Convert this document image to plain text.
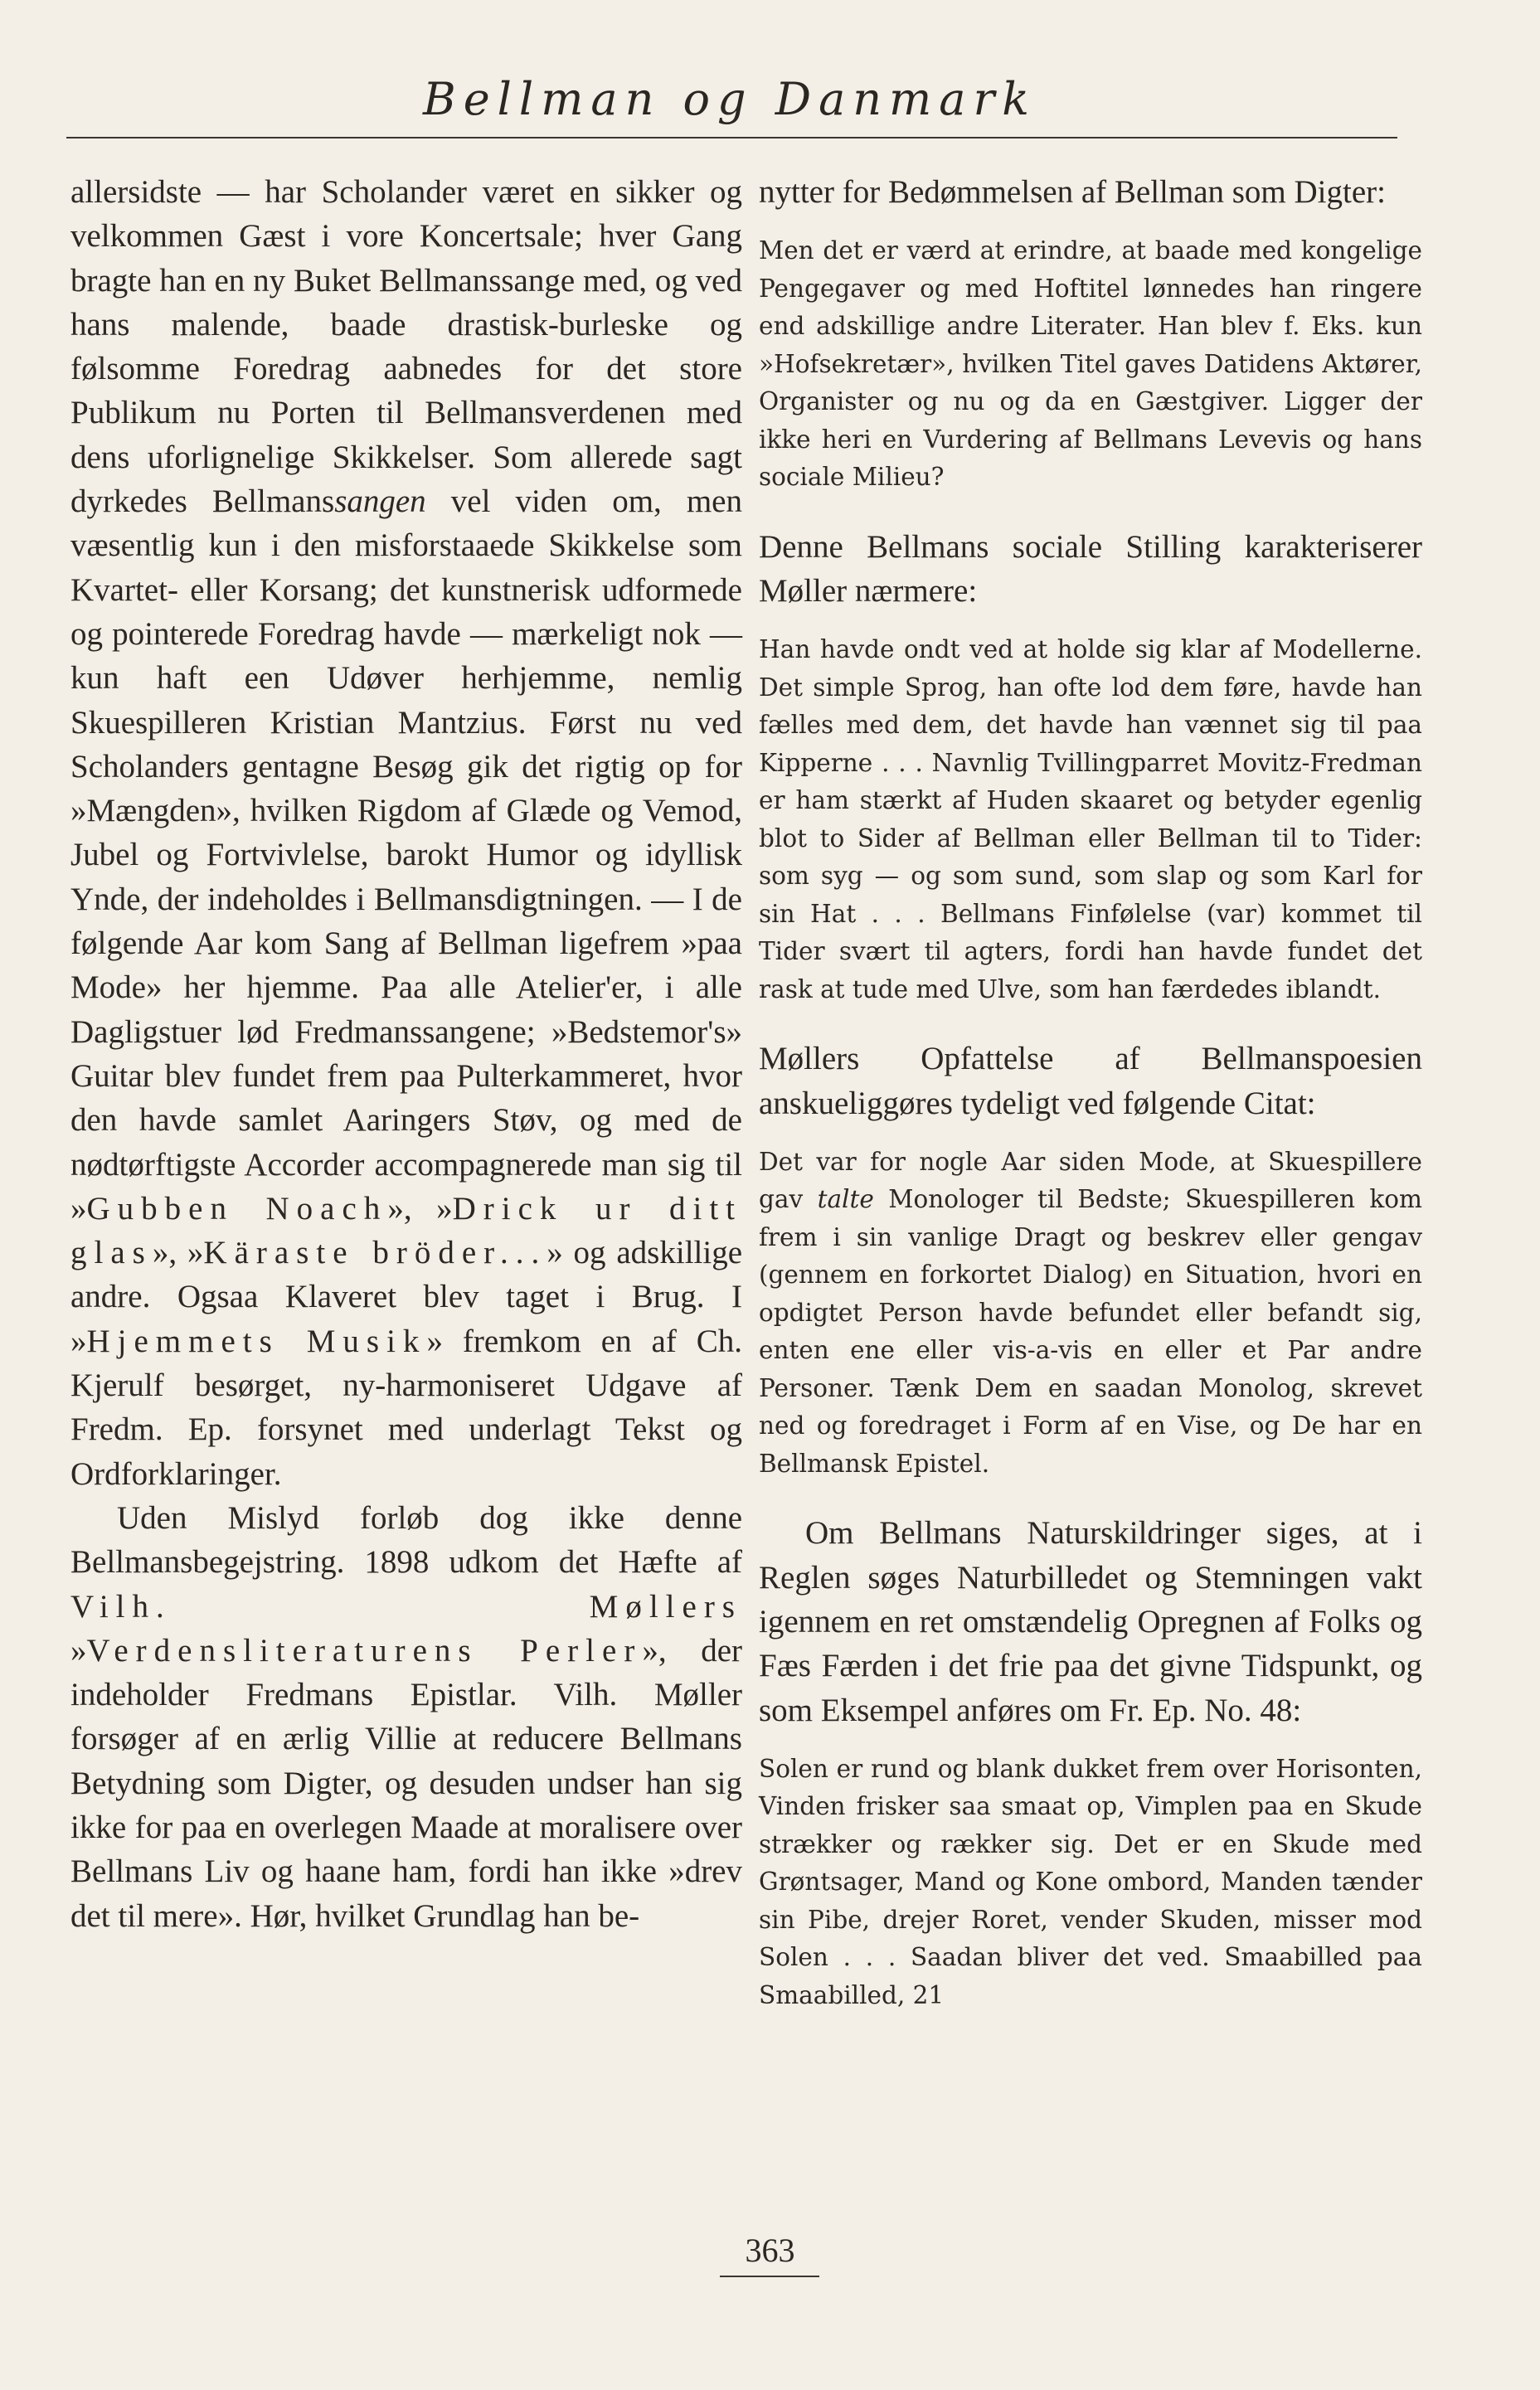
Bellman og Danmark

allersidste — har Scholander været en sikker og velkommen Gæst i vore Koncertsale; hver Gang bragte han en ny Buket Bellmanssange med, og ved hans malende, baade drastisk-burleske og følsomme Foredrag aabnedes for det store Publikum nu Porten til Bellmansverdenen med dens uforlignelige Skikkelser. Som allerede sagt dyrkedes Bellmanssangen vel viden om, men væsentlig kun i den misforstaaede Skikkelse som Kvartet- eller Korsang; det kunstnerisk udformede og pointerede Foredrag havde — mærkeligt nok — kun haft een Udøver herhjemme, nemlig Skuespilleren Kristian Mantzius. Først nu ved Scholanders gentagne Besøg gik det rigtig op for »Mængden», hvilken Rigdom af Glæde og Vemod, Jubel og Fortvivlelse, barokt Humor og idyllisk Ynde, der indeholdes i Bellmansdigtningen. — I de følgende Aar kom Sang af Bellman ligefrem »paa Mode» her hjemme. Paa alle Atelier'er, i alle Dagligstuer lød Fredmanssangene; »Bedstemor's» Guitar blev fundet frem paa Pulterkammeret, hvor den havde samlet Aaringers Støv, og med de nødtørftigste Accorder accompagnerede man sig til »Gubben Noach», »Drick ur ditt glas», »Käraste bröder...» og adskillige andre. Ogsaa Klaveret blev taget i Brug. I »Hjemmets Musik» fremkom en af Ch. Kjerulf besørget, ny-harmoniseret Udgave af Fredm. Ep. forsynet med underlagt Tekst og Ordforklaringer.

Uden Mislyd forløb dog ikke denne Bellmansbegejstring. 1898 udkom det Hæfte af Vilh. Møllers »Verdensliteraturens Perler», der indeholder Fredmans Epistlar. Vilh. Møller forsøger af en ærlig Villie at reducere Bellmans Betydning som Digter, og desuden undser han sig ikke for paa en overlegen Maade at moralisere over Bellmans Liv og haane ham, fordi han ikke »drev det til mere». Hør, hvilket Grundlag han be-

nytter for Bedømmelsen af Bellman som Digter:

Men det er værd at erindre, at baade med kongelige Pengegaver og med Hoftitel lønnedes han ringere end adskillige andre Literater. Han blev f. Eks. kun »Hofsekretær», hvilken Titel gaves Datidens Aktører, Organister og nu og da en Gæstgiver. Ligger der ikke heri en Vurdering af Bellmans Levevis og hans sociale Milieu?

Denne Bellmans sociale Stilling karakteriserer Møller nærmere:

Han havde ondt ved at holde sig klar af Modellerne. Det simple Sprog, han ofte lod dem føre, havde han fælles med dem, det havde han vænnet sig til paa Kipperne . . . Navnlig Tvillingparret Movitz-Fredman er ham stærkt af Huden skaaret og betyder egenlig blot to Sider af Bellman eller Bellman til to Tider: som syg — og som sund, som slap og som Karl for sin Hat . . . Bellmans Finfølelse (var) kommet til Tider svært til agters, fordi han havde fundet det rask at tude med Ulve, som han færdedes iblandt.

Møllers Opfattelse af Bellmanspoesien anskueliggøres tydeligt ved følgende Citat:

Det var for nogle Aar siden Mode, at Skuespillere gav talte Monologer til Bedste; Skuespilleren kom frem i sin vanlige Dragt og beskrev eller gengav (gennem en forkortet Dialog) en Situation, hvori en opdigtet Person havde befundet eller befandt sig, enten ene eller vis-a-vis en eller et Par andre Personer. Tænk Dem en saadan Monolog, skrevet ned og foredraget i Form af en Vise, og De har en Bellmansk Epistel.

Om Bellmans Naturskildringer siges, at i Reglen søges Naturbilledet og Stemningen vakt igennem en ret omstændelig Opregnen af Folks og Fæs Færden i det frie paa det givne Tidspunkt, og som Eksempel anføres om Fr. Ep. No. 48:

Solen er rund og blank dukket frem over Horisonten, Vinden frisker saa smaat op, Vimplen paa en Skude strækker og rækker sig. Det er en Skude med Grøntsager, Mand og Kone ombord, Manden tænder sin Pibe, drejer Roret, vender Skuden, misser mod Solen . . . Saadan bliver det ved. Smaabilled paa Smaabilled, 21

363
